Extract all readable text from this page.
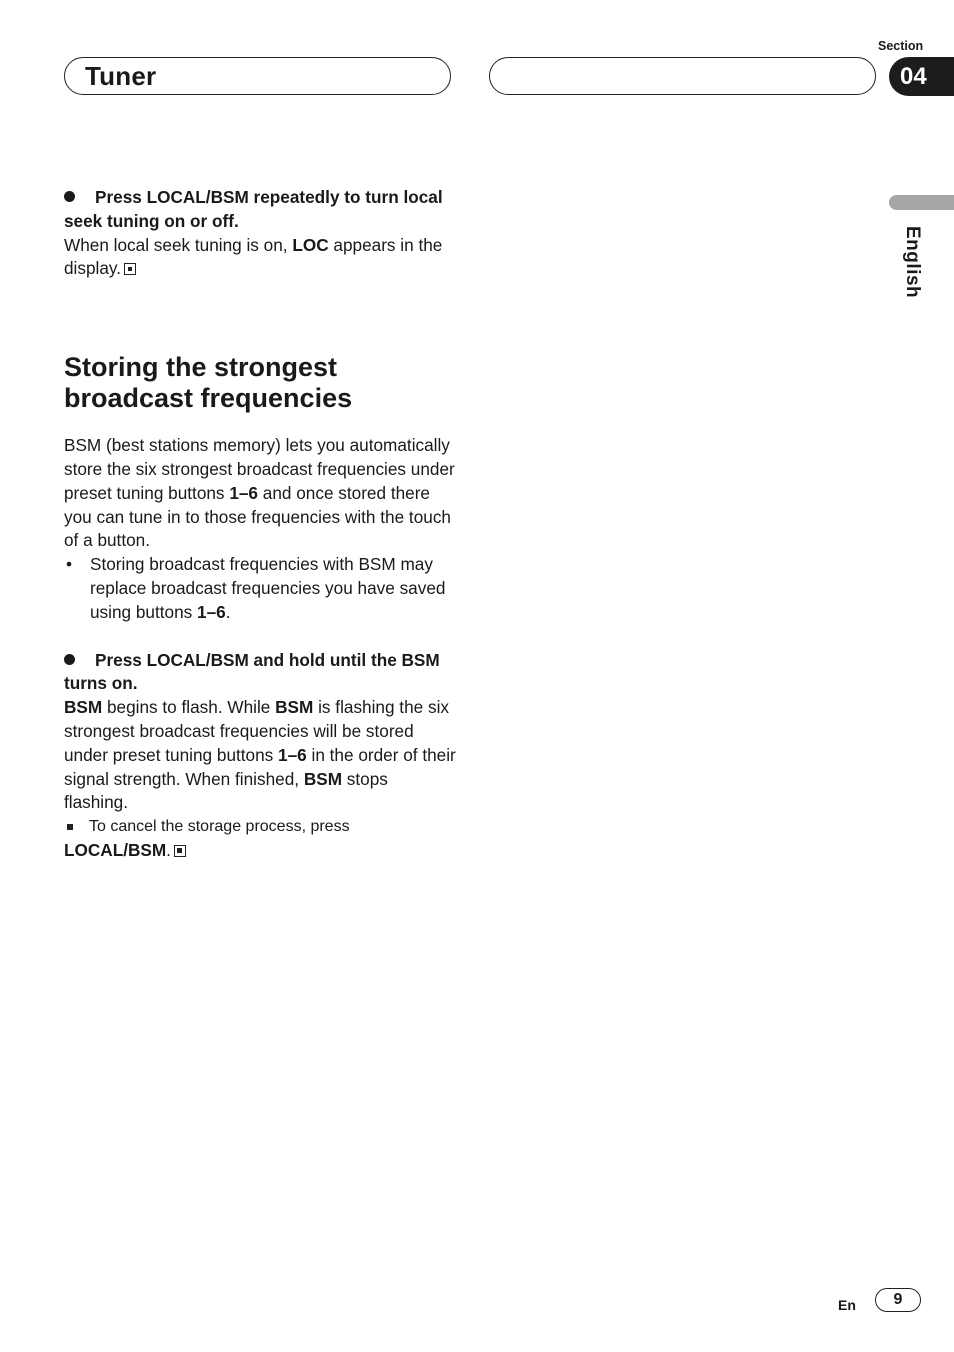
Tuner
Section
04
English

Press LOCAL/BSM repeatedly to turn local seek tuning on or off.

When local seek tuning is on, LOC appears in the display.

Storing the strongest broadcast frequencies

BSM (best stations memory) lets you automatically store the six strongest broadcast frequencies under preset tuning buttons 1–6 and once stored there you can tune in to those frequencies with the touch of a button.

• Storing broadcast frequencies with BSM may replace broadcast frequencies you have saved using buttons 1–6.

Press LOCAL/BSM and hold until the BSM turns on.

BSM begins to flash. While BSM is flashing the six strongest broadcast frequencies will be stored under preset tuning buttons 1–6 in the order of their signal strength. When finished, BSM stops flashing.

To cancel the storage process, press

LOCAL/BSM.

En	9
